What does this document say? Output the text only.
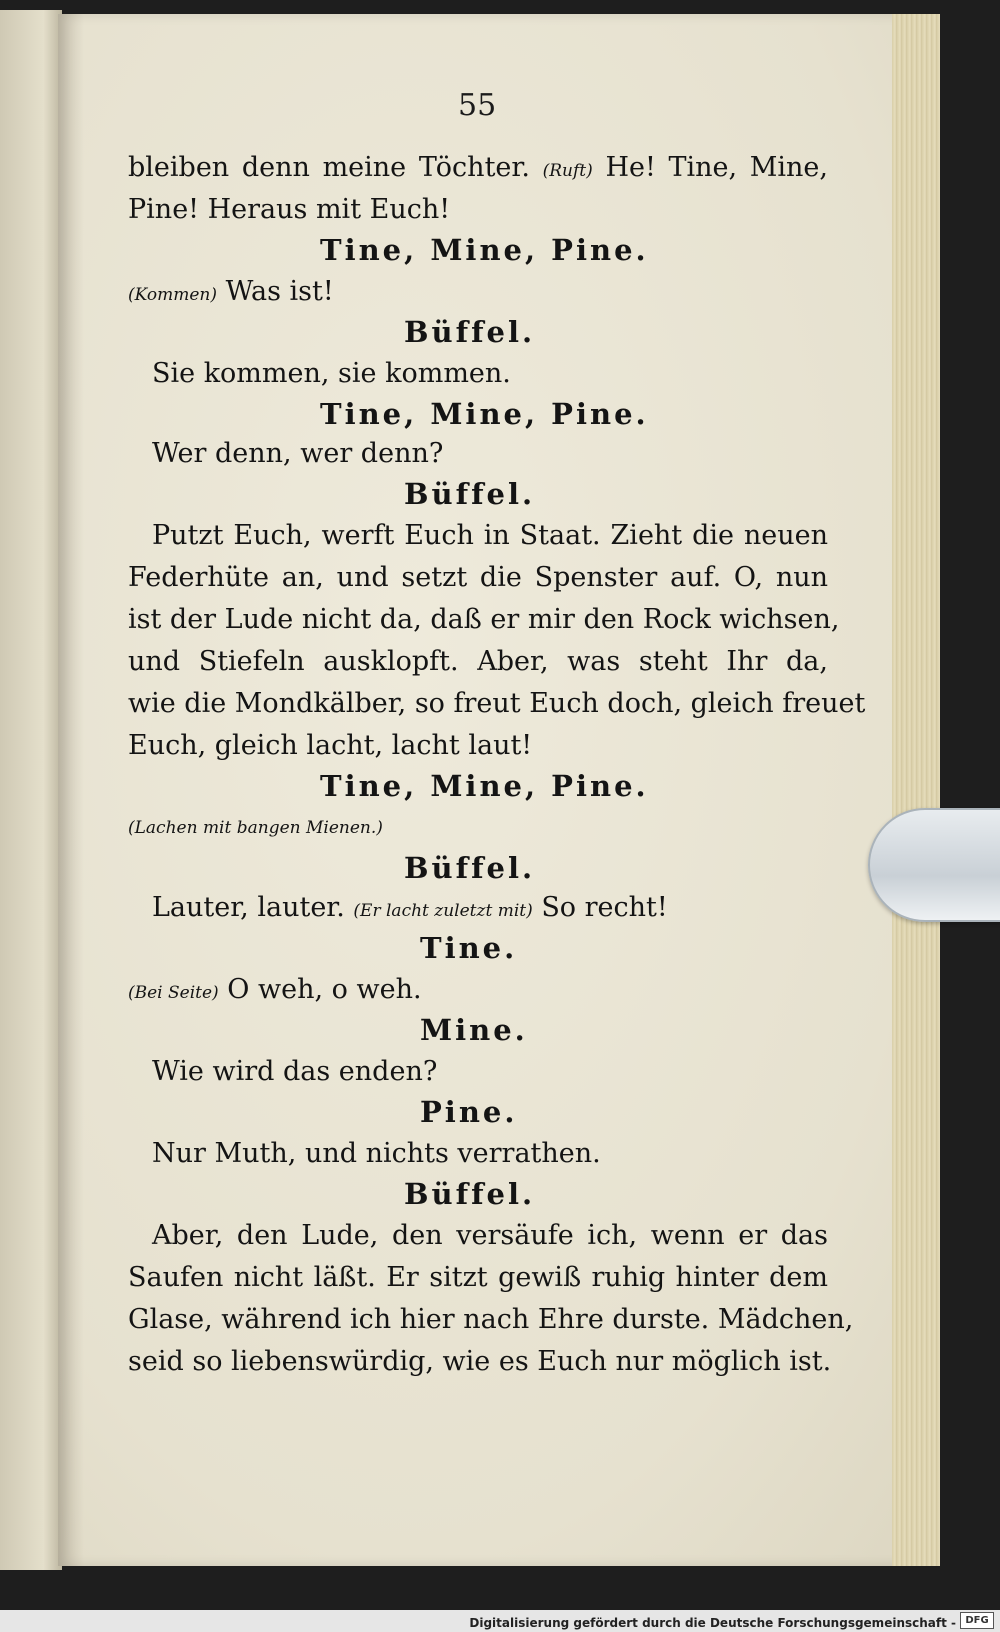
55
bleiben denn meine Töchter. (Ruft) He! Tine, Mine,
Pine! Heraus mit Euch!
Tine, Mine, Pine.
(Kommen) Was ist!
Büffel.
Sie kommen, sie kommen.
Tine, Mine, Pine.
Wer denn, wer denn?
Büffel.
Putzt Euch, werft Euch in Staat. Zieht die neuen
Federhüte an, und setzt die Spenster auf. O, nun
ist der Lude nicht da, daß er mir den Rock wichsen,
und Stiefeln ausklopft. Aber, was steht Ihr da,
wie die Mondkälber, so freut Euch doch, gleich freuet
Euch, gleich lacht, lacht laut!
Tine, Mine, Pine.
(Lachen mit bangen Mienen.)
Büffel.
Lauter, lauter. (Er lacht zuletzt mit) So recht!
Tine.
(Bei Seite) O weh, o weh.
Mine.
Wie wird das enden?
Pine.
Nur Muth, und nichts verrathen.
Büffel.
Aber, den Lude, den versäufe ich, wenn er das
Saufen nicht läßt. Er sitzt gewiß ruhig hinter dem
Glase, während ich hier nach Ehre durste. Mädchen,
seid so liebenswürdig, wie es Euch nur möglich ist.
Digitalisierung gefördert durch die Deutsche Forschungsgemeinschaft - DFG
